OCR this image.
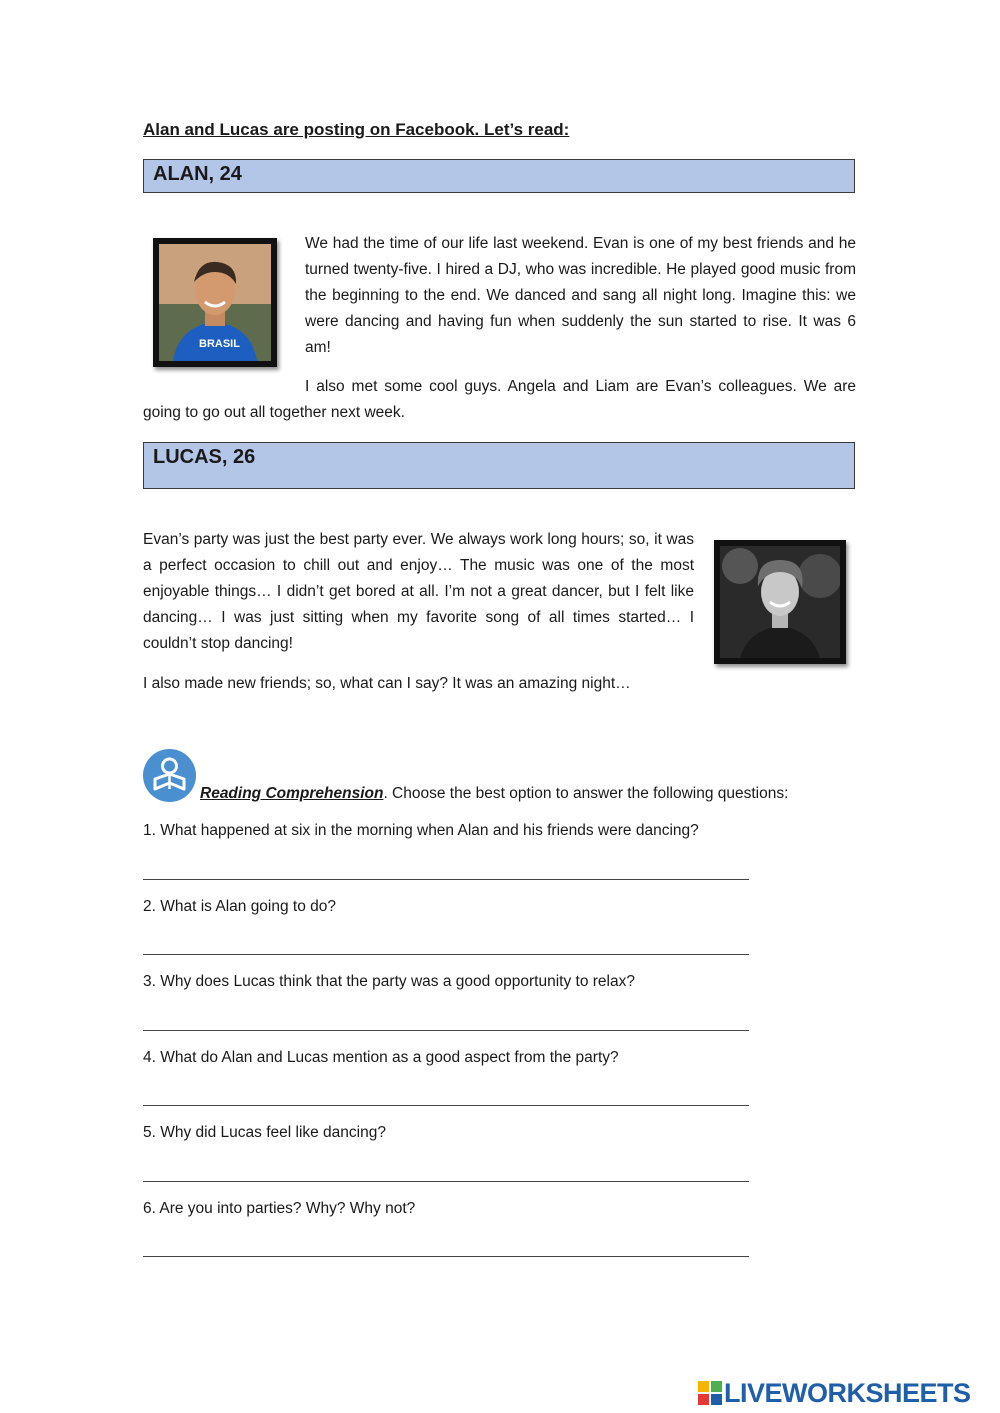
Alan and Lucas are posting on Facebook. Let’s read:
ALAN, 24
BRASIL

We had the time of our life last weekend. Evan is one of my best friends and he turned twenty-five. I hired a DJ, who was incredible. He played good music from the beginning to the end. We danced and sang all night long. Imagine this: we were dancing and having fun when suddenly the sun started to rise. It was 6 am!

I also met some cool guys. Angela and Liam are Evan’s colleagues. We are going to go out all together next week.

LUCAS, 26

Evan’s party was just the best party ever. We always work long hours; so, it was a perfect occasion to chill out and enjoy… The music was one of the most enjoyable things… I didn’t get bored at all. I’m not a great dancer, but I felt like dancing… I was just sitting when my favorite song of all times started… I couldn’t stop dancing!

I also made new friends; so, what can I say? It was an amazing night…

Reading Comprehension. Choose the best option to answer the following questions:
1. What happened at six in the morning when Alan and his friends were dancing?
2. What is Alan going to do?
3. Why does Lucas think that the party was a good opportunity to relax?
4. What do Alan and Lucas mention as a good aspect from the party?
5. Why did Lucas feel like dancing?
6. Are you into parties? Why? Why not?
LIVEWORKSHEETS
